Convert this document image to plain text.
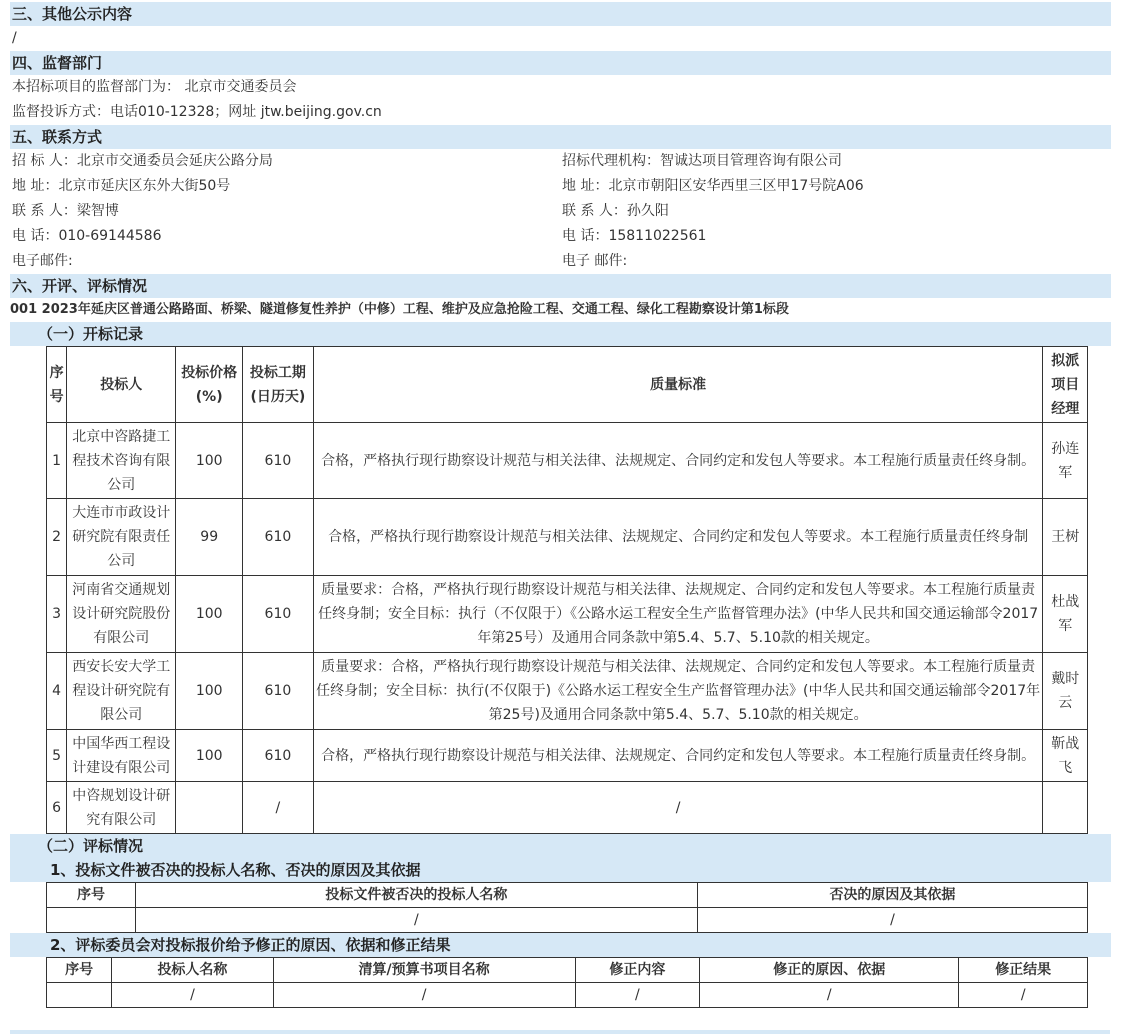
三、其他公示内容
/
四、监督部门
本招标项目的监督部门为： 北京市交通委员会
监督投诉方式：电话010-12328；网址 jtw.beijing.gov.cn
五、联系方式
招 标 人：北京市交通委员会延庆公路分局
地 址：北京市延庆区东外大街50号
联 系 人：梁智博
电 话：010-69144586
电子邮件:
招标代理机构：智诚达项目管理咨询有限公司
地 址：北京市朝阳区安华西里三区甲17号院A06
联 系 人：孙久阳
电 话：15811022561
电子 邮件:
六、开评、评标情况
001 2023年延庆区普通公路路面、桥梁、隧道修复性养护（中修）工程、维护及应急抢险工程、交通工程、绿化工程勘察设计第1标段
（一）开标记录
序号	投标人	投标价格(%)	投标工期(日历天)	质量标准	拟派项目经理
1	北京中咨路捷工程技术咨询有限公司	100	610	合格，严格执行现行勘察设计规范与相关法律、法规规定、合同约定和发包人等要求。本工程施行质量责任终身制。	孙连军
2	大连市市政设计研究院有限责任公司	99	610	合格，严格执行现行勘察设计规范与相关法律、法规规定、合同约定和发包人等要求。本工程施行质量责任终身制	王树
3	河南省交通规划设计研究院股份有限公司	100	610	质量要求：合格，严格执行现行勘察设计规范与相关法律、法规规定、合同约定和发包人等要求。本工程施行质量责任终身制；安全目标：执行（不仅限于）《公路水运工程安全生产监督管理办法》(中华人民共和国交通运输部令2017年第25号）及通用合同条款中第5.4、5.7、5.10款的相关规定。	杜战军
4	西安长安大学工程设计研究院有限公司	100	610	质量要求：合格，严格执行现行勘察设计规范与相关法律、法规规定、合同约定和发包人等要求。本工程施行质量责任终身制；安全目标：执行(不仅限于)《公路水运工程安全生产监督管理办法》(中华人民共和国交通运输部令2017年第25号)及通用合同条款中第5.4、5.7、5.10款的相关规定。	戴时云
5	中国华西工程设计建设有限公司	100	610	合格，严格执行现行勘察设计规范与相关法律、法规规定、合同约定和发包人等要求。本工程施行质量责任终身制。	靳战飞
6	中咨规划设计研究有限公司		/	/	
（二）评标情况
1、投标文件被否决的投标人名称、否决的原因及其依据
序号	投标文件被否决的投标人名称	否决的原因及其依据
	/	/
2、评标委员会对投标报价给予修正的原因、依据和修正结果
序号	投标人名称	清算/预算书项目名称	修正内容	修正的原因、依据	修正结果
	/	/	/	/	/
